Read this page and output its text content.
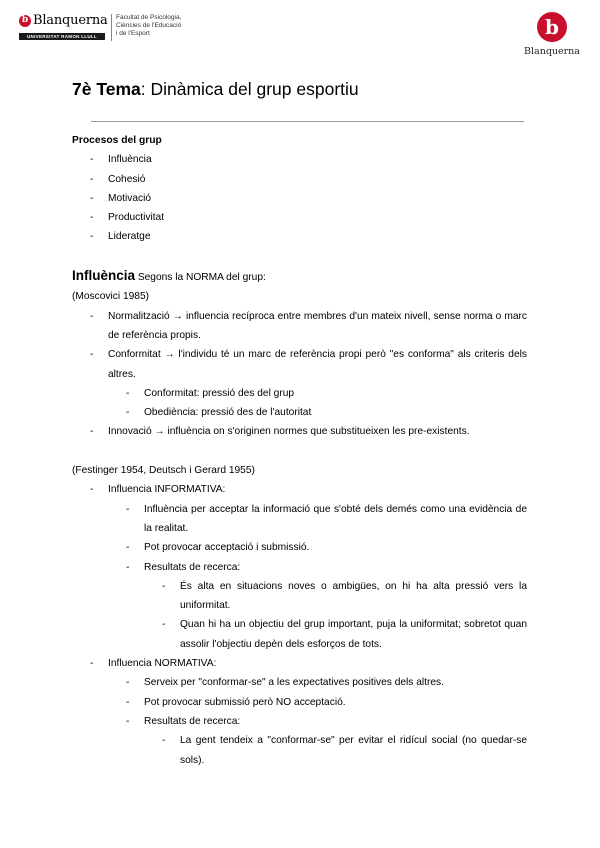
b Blanquerna
UNIVERSITAT RAMON LLULL
Facultat de Psicologia,
Ciències de l'Educació
i de l'Esport	b
Blanquerna
7è Tema: Dinàmica del grup esportiu
Procesos del grup
- Influència
- Cohesió
- Motivació
- Productivitat
- Lideratge
Influència Segons la NORMA del grup:
(Moscovici 1985)
- Normalització → influencia recíproca entre membres d'un mateix nivell, sense norma o marc de referència propis.
- Conformitat → l'individu té un marc de referència propi però "es conforma" als criteris dels altres.
- Conformitat: pressió des del grup
- Obediència: pressió des de l'autoritat
- Innovació → influència on s'originen normes que substitueixen les pre-existents.
(Festinger 1954, Deutsch i Gerard 1955)
- Influencia INFORMATIVA:
- Influència per acceptar la informació que s'obté dels demés como una evidència de la realitat.
- Pot provocar acceptació i submissió.
- Resultats de recerca:
- És alta en situacions noves o ambigües, on hi ha alta pressió vers la uniformitat.
- Quan hi ha un objectiu del grup important, puja la uniformitat; sobretot quan assolir l'objectiu depèn dels esforços de tots.
- Influencia NORMATIVA:
- Serveix per "conformar-se" a les expectatives positives dels altres.
- Pot provocar submissió però NO acceptació.
- Resultats de recerca:
- La gent tendeix a "conformar-se" per evitar el ridícul social (no quedar-se sols).
